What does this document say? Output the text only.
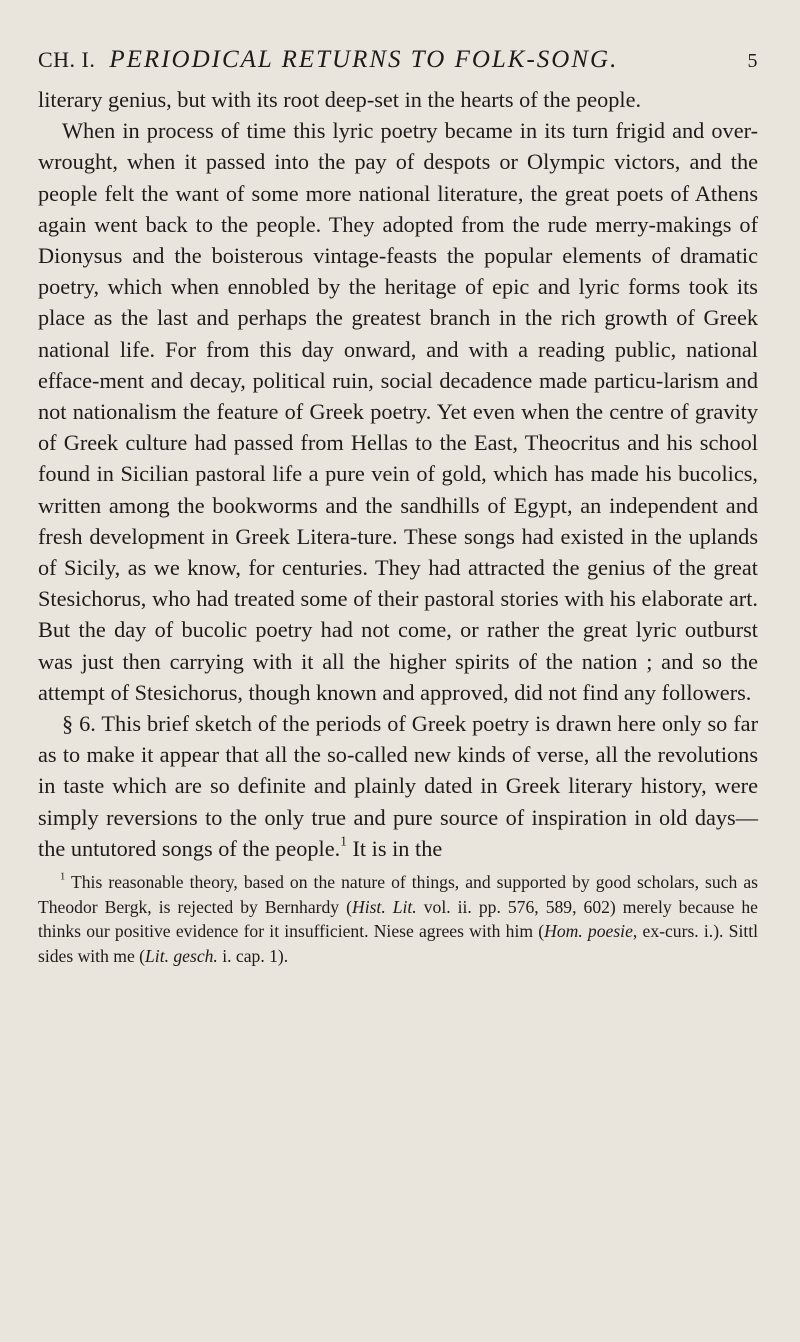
CH. I. PERIODICAL RETURNS TO FOLK-SONG.	5

literary genius, but with its root deep-set in the hearts of the people.

When in process of time this lyric poetry became in its turn frigid and over-wrought, when it passed into the pay of despots or Olympic victors, and the people felt the want of some more national literature, the great poets of Athens again went back to the people. They adopted from the rude merry-makings of Dionysus and the boisterous vintage-feasts the popular elements of dramatic poetry, which when ennobled by the heritage of epic and lyric forms took its place as the last and perhaps the greatest branch in the rich growth of Greek national life. For from this day onward, and with a reading public, national efface-ment and decay, political ruin, social decadence made particu-larism and not nationalism the feature of Greek poetry. Yet even when the centre of gravity of Greek culture had passed from Hellas to the East, Theocritus and his school found in Sicilian pastoral life a pure vein of gold, which has made his bucolics, written among the bookworms and the sandhills of Egypt, an independent and fresh development in Greek Litera-ture. These songs had existed in the uplands of Sicily, as we know, for centuries. They had attracted the genius of the great Stesichorus, who had treated some of their pastoral stories with his elaborate art. But the day of bucolic poetry had not come, or rather the great lyric outburst was just then carrying with it all the higher spirits of the nation ; and so the attempt of Stesichorus, though known and approved, did not find any followers.

§ 6. This brief sketch of the periods of Greek poetry is drawn here only so far as to make it appear that all the so-called new kinds of verse, all the revolutions in taste which are so definite and plainly dated in Greek literary history, were simply reversions to the only true and pure source of inspiration in old days—the untutored songs of the people.$^1$ It is in the

$^1$ This reasonable theory, based on the nature of things, and supported by good scholars, such as Theodor Bergk, is rejected by Bernhardy (Hist. Lit. vol. ii. pp. 576, 589, 602) merely because he thinks our positive evidence for it insufficient. Niese agrees with him (Hom. poesie, ex-curs. i.). Sittl sides with me (Lit. gesch. i. cap. 1).
